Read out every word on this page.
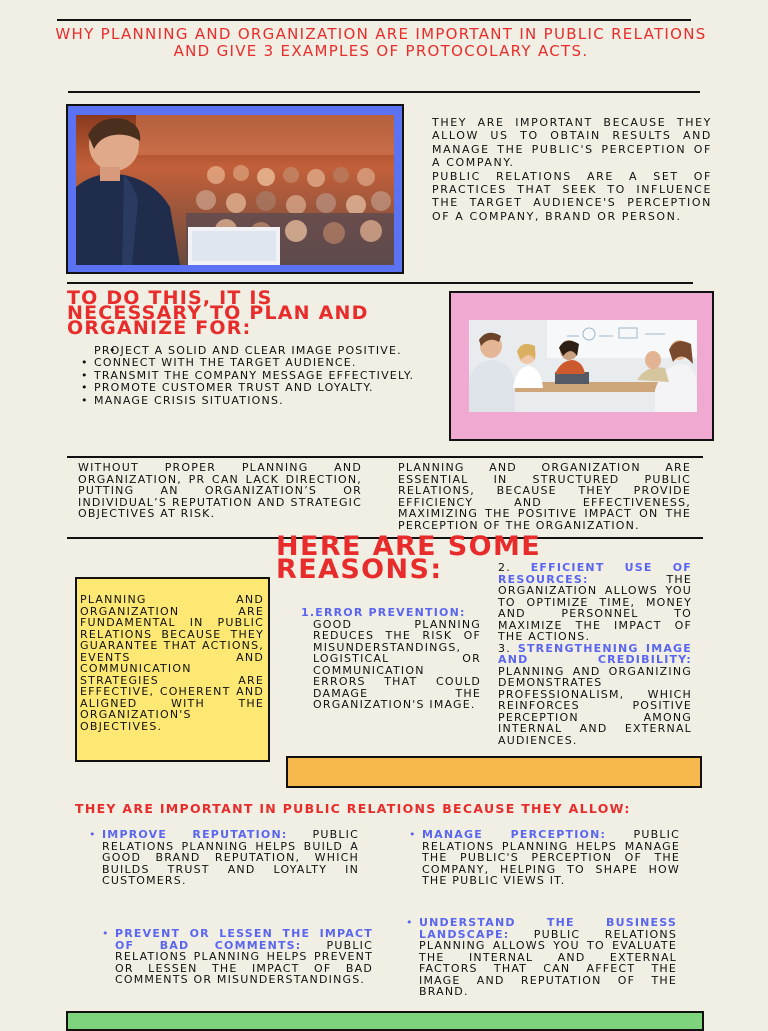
WHY PLANNING AND ORGANIZATION ARE IMPORTANT IN PUBLIC RELATIONS AND GIVE 3 EXAMPLES OF PROTOCOLARY ACTS.
THEY ARE IMPORTANT BECAUSE THEY ALLOW US TO OBTAIN RESULTS AND MANAGE THE PUBLIC'S PERCEPTION OF A COMPANY.
PUBLIC RELATIONS ARE A SET OF PRACTICES THAT SEEK TO INFLUENCE THE TARGET AUDIENCE'S PERCEPTION OF A COMPANY, BRAND OR PERSON.
TO DO THIS, IT IS NECESSARY TO PLAN AND ORGANIZE FOR:
• PROJECT A SOLID AND CLEAR IMAGE POSITIVE.
• CONNECT WITH THE TARGET AUDIENCE.
• TRANSMIT THE COMPANY MESSAGE EFFECTIVELY.
• PROMOTE CUSTOMER TRUST AND LOYALTY.
• MANAGE CRISIS SITUATIONS.
WITHOUT PROPER PLANNING AND ORGANIZATION, PR CAN LACK DIRECTION, PUTTING AN ORGANIZATION’S OR INDIVIDUAL’S REPUTATION AND STRATEGIC OBJECTIVES AT RISK.
PLANNING AND ORGANIZATION ARE ESSENTIAL IN STRUCTURED PUBLIC RELATIONS, BECAUSE THEY PROVIDE EFFICIENCY AND EFFECTIVENESS, MAXIMIZING THE POSITIVE IMPACT ON THE PERCEPTION OF THE ORGANIZATION.
HERE ARE SOME REASONS:
PLANNING AND ORGANIZATION ARE FUNDAMENTAL IN PUBLIC RELATIONS BECAUSE THEY GUARANTEE THAT ACTIONS, EVENTS AND COMMUNICATION STRATEGIES ARE EFFECTIVE, COHERENT AND ALIGNED WITH THE ORGANIZATION'S OBJECTIVES.
1.ERROR PREVENTION:
GOOD PLANNING REDUCES THE RISK OF MISUNDERSTANDINGS, LOGISTICAL OR COMMUNICATION ERRORS THAT COULD DAMAGE THE ORGANIZATION'S IMAGE.
2. EFFICIENT USE OF RESOURCES:	THE ORGANIZATION ALLOWS YOU TO OPTIMIZE TIME, MONEY AND PERSONNEL TO MAXIMIZE THE IMPACT OF THE ACTIONS.
3. STRENGTHENING IMAGE AND CREDIBILITY: PLANNING AND ORGANIZING DEMONSTRATES PROFESSIONALISM, WHICH REINFORCES POSITIVE PERCEPTION AMONG INTERNAL AND EXTERNAL AUDIENCES.
THEY ARE IMPORTANT IN PUBLIC RELATIONS BECAUSE THEY ALLOW:
• IMPROVE REPUTATION: PUBLIC RELATIONS PLANNING HELPS BUILD A GOOD BRAND REPUTATION, WHICH BUILDS TRUST AND LOYALTY IN CUSTOMERS.
• MANAGE PERCEPTION: PUBLIC RELATIONS PLANNING HELPS MANAGE THE PUBLIC'S PERCEPTION OF THE COMPANY, HELPING TO SHAPE HOW THE PUBLIC VIEWS IT.
• PREVENT OR LESSEN THE IMPACT OF BAD COMMENTS: PUBLIC RELATIONS PLANNING HELPS PREVENT OR LESSEN THE IMPACT OF BAD COMMENTS OR MISUNDERSTANDINGS.
• UNDERSTAND THE BUSINESS LANDSCAPE: PUBLIC RELATIONS PLANNING ALLOWS YOU TO EVALUATE THE INTERNAL AND EXTERNAL FACTORS THAT CAN AFFECT THE IMAGE AND REPUTATION OF THE BRAND.
